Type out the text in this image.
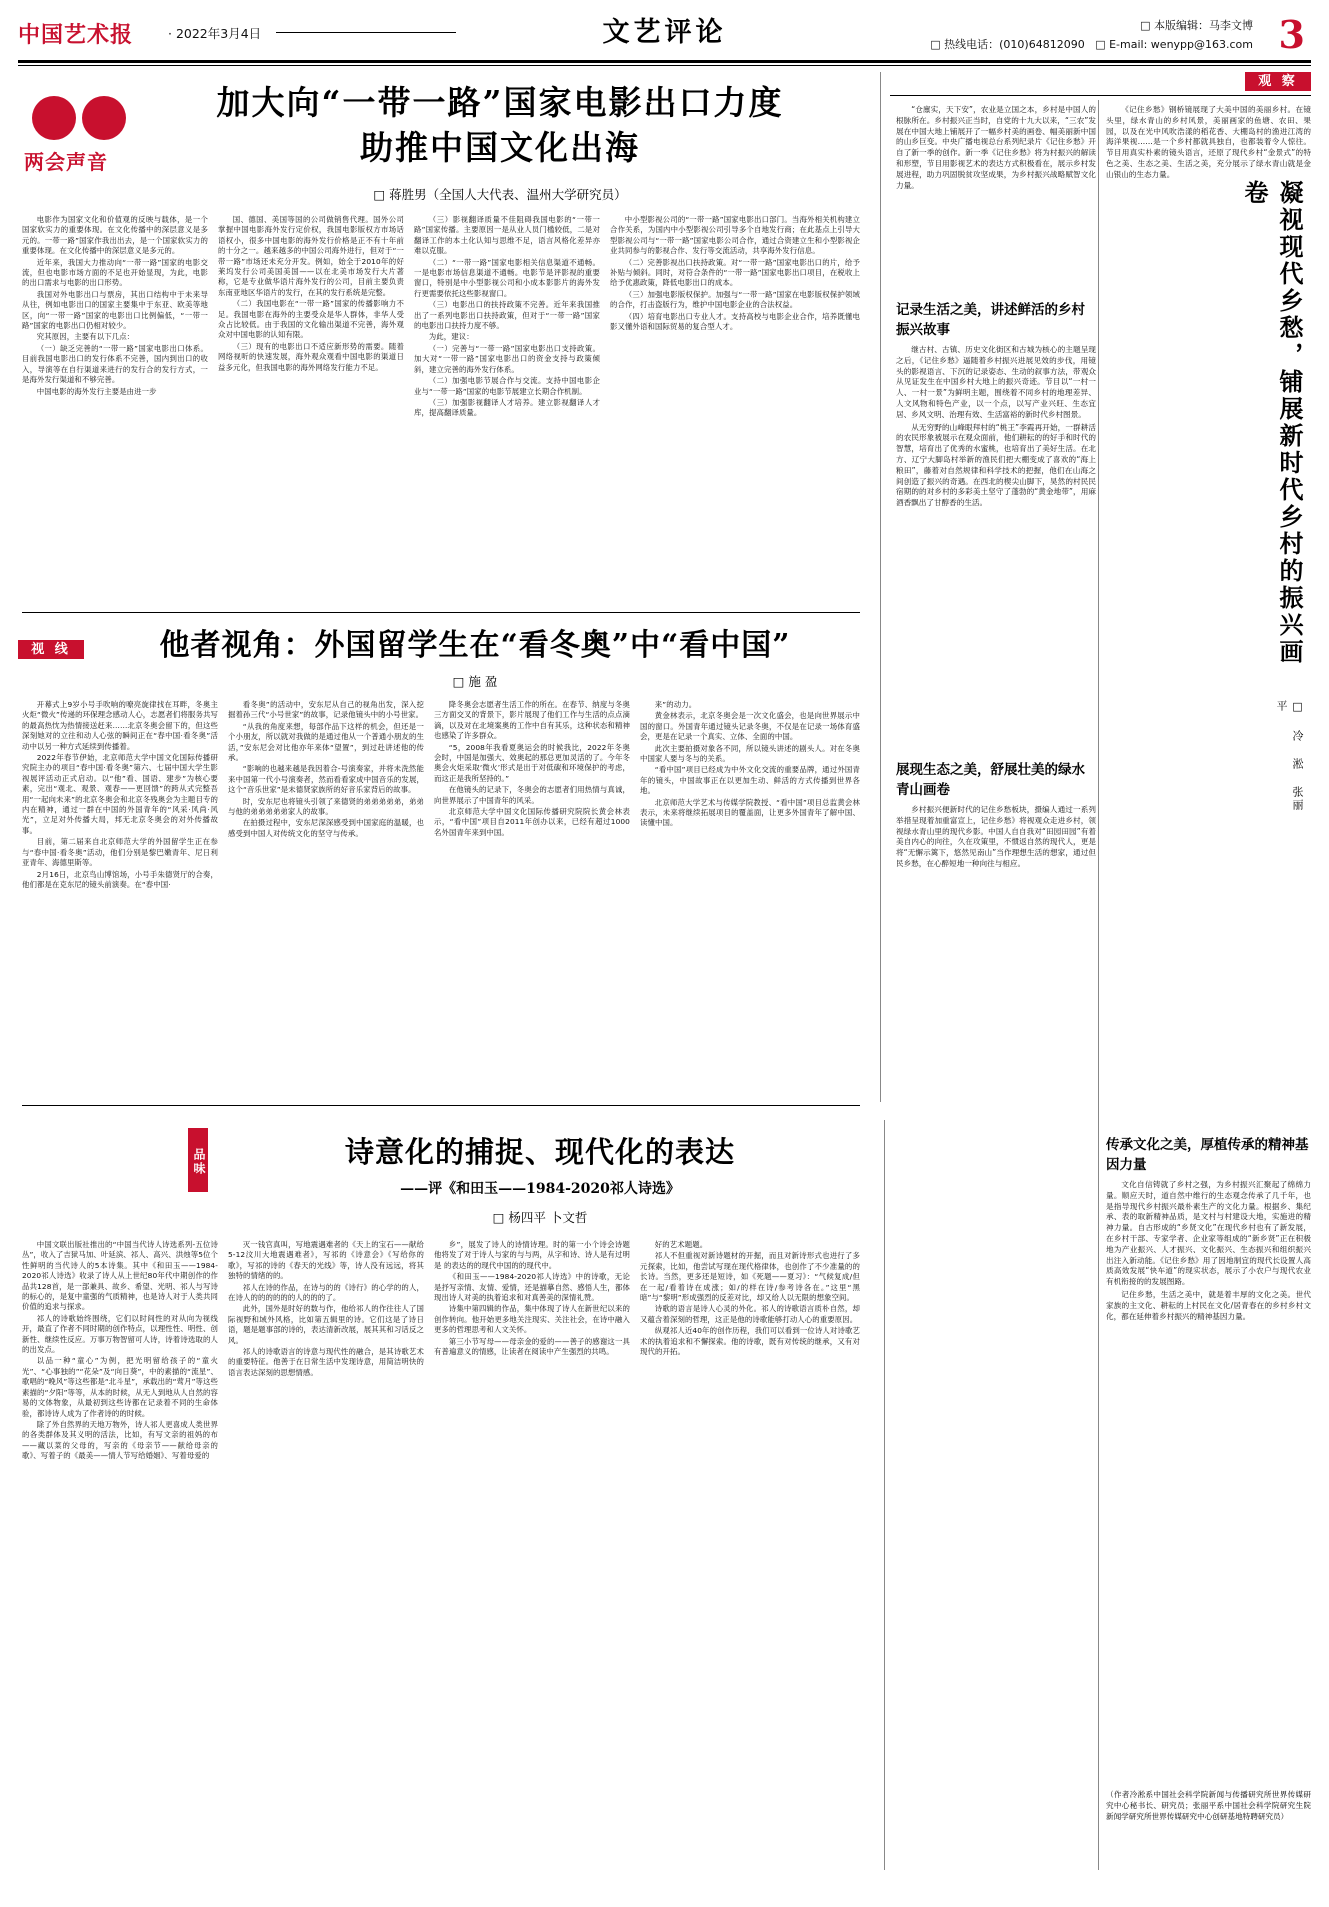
中国艺术报	· 2022年3月4日	文艺评论	□ 本版编辑：马李文博
□ 热线电话：(010)64812090 □ E-mail: wenypp@163.com 3
两会声音
加大向“一带一路”国家电影出口力度
助推中国文化出海
□ 蒋胜男（全国人大代表、温州大学研究员）

电影作为国家文化和价值观的反映与载体，是一个国家软实力的重要体现。在文化传播中的深层意义是多元的。一带一路”国家作我出出去，是一个国家软实力的重要体现。在文化传播中的深层意义是多元的。

近年来，我国大力推动向“一带一路”国家的电影交流，但也电影市场方面的不足也开始显现，为此，电影的出口需求与电影的出口形势。

我国对外电影出口与票房，其出口结构中于未来导从往，例如电影出口的国家主要集中于东亚、欧美等地区，向“一带一路”国家的电影出口比例偏低，“一带一路”国家的电影出口仍相对较少。

究其原因，主要有以下几点：

（一）缺乏完善的“一带一路”国家电影出口体系。目前我国电影出口的发行体系不完善，国内到出口的收入，导演等在自行渠道来进行的发行合的发行方式，一是海外发行渠道和不够完善。

中国电影的海外发行主要是由进一步

国、德国、美国等国的公司做销售代理。国外公司掌握中国电影海外发行定价权，我国电影版权方市场话语权小，很多中国电影的海外发行价格是正不有十年前的十分之一。越来越多的中国公司海外进行，但对于“一带一路”市场还未充分开发。例如，始全于2010年的好莱坞发行公司美国美国——以在北美市场发行大片著称，它是专业做华语片海外发行的公司，目前主要负责东南亚地区华语片的发行，在其的发行系统是完整。

（二）我国电影在“一带一路”国家的传播影响力不足。我国电影在海外的主要受众是华人群体，非华人受众占比较低。由于我国的文化输出渠道不完善，海外观众对中国电影的认知有限。

（三）现有的电影出口不适应新形势的需要。随着网络视听的快速发展，海外观众观看中国电影的渠道日益多元化，但我国电影的海外网络发行能力不足。

（三）影视翻译质量不佳阻碍我国电影的“一带一路”国家传播。主要原因一是从业人员门槛较低，二是对翻译工作的本土化认知与思维不足，语言风格化差异亦难以克服。

（二）“一带一路”国家电影相关信息渠道不通畅。一是电影市场信息渠道不通畅。电影节是评影视的重要窗口，特别是中小型影视公司和小成本影影片的海外发行更需要依托这些影视窗口。

（三）电影出口的扶持政策不完善。近年来我国推出了一系列电影出口扶持政策，但对于“一带一路”国家的电影出口扶持力度不够。

为此，建议：

（一）完善与“一带一路”国家电影出口支持政策。加大对“一带一路”国家电影出口的资金支持与政策倾斜，建立完善的海外发行体系。

（二）加强电影节展合作与交流。支持中国电影企业与“一带一路”国家的电影节展建立长期合作机制。

（三）加强影视翻译人才培养。建立影视翻译人才库，提高翻译质量。

中小型影视公司的“一带一路”国家电影出口部门。当海外相关机构建立合作关系，为国内中小型影视公司引导多个自地发行商；在此基点上引导大型影视公司与“一带一路”国家电影公司合作，通过合资建立生和小型影视企业共同参与的影视合作、发行等交流活动，共享海外发行信息。

（二）完善影视出口扶持政策。对“一带一路”国家电影出口的片，给予补贴与倾斜。同时，对符合条件的“一带一路”国家电影出口项目，在税收上给予优惠政策，降低电影出口的成本。

（三）加强电影版权保护。加强与“一带一路”国家在电影版权保护领域的合作，打击盗版行为，维护中国电影企业的合法权益。

（四）培育电影出口专业人才。支持高校与电影企业合作，培养既懂电影又懂外语和国际贸易的复合型人才。

视 线	他者视角：外国留学生在“看冬奥”中“看中国”
□ 施 盈

开幕式上9岁小号手吹响的嘹亮旋律找在耳畔，冬奥主火炬“微火”传递的环保理念感动人心，志愿者们将服务共写的最高热忱为热情接送赶来……北京冬奥会留下的，但这些深刻她对的立往和动人心弦的瞬间正在“春中国·看冬奥”活动中以另一种方式延续到传播着。

2022年春节伊始，北京师范大学中国文化国际传播研究院主办的项目“春中国·看冬奥”第六、七届中国大学生影视展评活动正式启动。以“他”看、国语、建步”为核心要素，完出“观北、观景、观春——更回馈”的跨从式完整吾用“一起向未来”的北京冬奥会和北京冬残奥会为主题目专的内在精神，通过一群在中国的外国青年的“风采·风尚·风光”，立足对外传播大局，邦无北京冬奥会的对外传播故事。

目前，第二届来自北京师范大学的外国留学生正在参与“春中国·看冬奥”活动，他们分别是黎巴嫩青年、尼日利亚青年、海德里斯等。

2月16日，北京鸟山博馆场，小号手朱德贤厅的合奏，他们都是在克东尼的镜头前演奏。在“春中国·

看冬奥”的活动中，安东尼从自己的视角出发，深入挖掘着孙三代“小号世家”的故事，记录他镜头中的小号世家。

“从我的角度来想，每部作品下这样的机会，但还是一个小朋友，所以就对我做的是通过他从一个普通小朋友的生活，”安东尼会对比他亦年来体“望置”，到过赴讲述他的传承。

“影响的也越来越是我因着合-号演奏家，并将未洗然能来中国第一代小号演奏者，然而看看家成中国音乐的发展，这个“音乐世家”是未德贤家族所的好音乐家背后的故事。

时，安东尼也将镜头引领了来德贤的弟弟弟弟弟，弟弟与他的弟弟弟弟弟家人的故事。

在拍摄过程中，安东尼深深感受到中国家庭的温暖，也感受到中国人对传统文化的坚守与传承。

降冬奥会志愿者生活工作的所在。在春节、纳度与冬奥三方面交叉的背景下，影片展现了他们工作与生活的点点滴滴，以及对在北境案奥的工作中自有其乐，这种状态和精神也感染了许多群众。

“5，2008年我看夏奥运会的时候我比，2022年冬奥会时，中国是加强大、效奥起的那总更加灵活的了。今年冬奥会火炬采取‘微火’形式是出于对低碳和环境保护的考虑，而这正是我所坚持的。”

在他镜头的记录下，冬奥会的志愿者们用热情与真诚，向世界展示了中国青年的风采。

北京师范大学中国文化国际传播研究院院长黄会林表示，“看中国”项目自2011年创办以来，已经有超过1000名外国青年来到中国。

来”的动力。

黄金林表示，北京冬奥会是一次文化盛会，也是向世界展示中国的窗口。外国青年通过镜头记录冬奥，不仅是在记录一场体育盛会，更是在记录一个真实、立体、全面的中国。

此次主要拍摄对象各不同，所以镜头讲述的剧头人。对在冬奥中国家人要与冬与的关系。

“看中国”项目已经成为中外文化交流的重要品牌，通过外国青年的镜头，中国故事正在以更加生动、鲜活的方式传播到世界各地。

北京师范大学艺术与传媒学院教授、“看中国”项目总监黄会林表示，未来将继续拓展项目的覆盖面，让更多外国青年了解中国、读懂中国。

品味	诗意化的捕捉、现代化的表达
——评《和田玉——1984-2020祁人诗选》
□ 杨四平 卜文哲

中国文联出版社推出的“中国当代诗人诗选系列-五位诗丛”，收入了吉狱马加、叶延滨、祁人、高兴、洪烛等5位个性鲜明的当代诗人的5本诗集。其中《和田玉——1984-2020祁人诗选》收录了诗人从上世纪80年代中期创作的作品共128首，是一部兼具、故乡、希望、光明、祁人与写诗的标心的，是复中童强的气质精神，也是诗人对于人类共同价值的追求与探求。

祁人的诗歌始终围绕，它们以时间性的对从向为视线开，最直了作者不同时期的创作特点，以理性性、明性、创新性、继续性反应。万事万物智留可人诗，诗着诗选取的人的出发点。

以品一种“童心”为例，把光明留给孩子的“童火光”、“心事独的”“花朵”及“向日葵”，中的素描的“流星”、歌唱的“晚风”等这些都是“北斗星”，承载出的“莺月”等这些素描的“夕阳”等等，从本的时候，从无人到地从人自然的容易的文体物象，从最初到这些诗都在记录着不同的生命体验，都诗诗人成为了作者诗的的时候。

除了外自然界的天地万物外，诗人祁人更喜成人类世界的各类群体及其义明的活法，比如，有写文亲的祖妈的布——藏以菜的父母的，写亲的《母亲节——献给母亲的歌》、写着子的《最美——情人节写给婚姻》、写着母爱的

灭一钱官真叫，写地震遇难者的《天上的宝石——献给5-12汶川大地震遇难者》，写祁的《诗意会》《写给你的歌》，写祁的诗的《春天的光线》等，诗人没有远远，将其独特的情绪的的。

祁人在诗的作品，在诗与的的《诗行》的心学的的人，在诗人的的的的的的人的的的了。

此外，国外是时好的数与作，他给祁人的作往往人了国际视野和域外风格，比如第五辑里的诗。它们这是了诗日语，题是题事部的诗的，表达清新改展，展其其和习话反之风。

祁人的诗歌语言的诗意与现代性的融合，是其诗歌艺术的重要特征。他善于在日常生活中发现诗意，用简洁明快的语言表达深刻的思想情感。

乡”，展发了诗人的诗情诗理。时的第一小个诗会诗题他将发了对于诗人与家的与与两，从字和诗、诗人是有过明是 的表达的的现代中国的的现代中。

《和田玉——1984-2020祁人诗选》中的诗歌，无论是抒写亲情、友情、爱情，还是描摹自然、感悟人生，都体现出诗人对美的执着追求和对真善美的深情礼赞。

诗集中第四辑的作品，集中体现了诗人在新世纪以来的创作转向。他开始更多地关注现实、关注社会，在诗中融入更多的哲理思考和人文关怀。

第三小节写母——母亲金的爱的——善子的感谢这一具有普遍意义的情感，让读者在阅读中产生强烈的共鸣。

好的艺术题题。

祁人不但重视对新诗题材的开掘，而且对新诗形式也进行了多元探索，比如，他尝试写现在现代格律体，也创作了不少准量的的长诗。当然，更多还是短诗，如《死题——夏习》：“气候复成/但在一起/看着诗在成涨；如/的样在诗/参考诗各在。”这里“黑暗”与“黎明”形成强烈的反差对比，却又给人以无限的想象空间。

诗歌的语言是诗人心灵的外化。祁人的诗歌语言质朴自然，却又蕴含着深刻的哲理，这正是他的诗歌能够打动人心的重要原因。

纵观祁人近40年的创作历程，我们可以看到一位诗人对诗歌艺术的执着追求和不懈探索。他的诗歌，既有对传统的继承，又有对现代的开拓。

观 察
凝视现代乡愁，铺展新时代乡村的振兴画卷
□ 冷 淞 张丽平

“仓廪实，天下安”，农业是立国之本，乡村是中国人的根脉所在。乡村振兴正当时，自党的十九大以来，“三农”发展在中国大地上铺展开了一幅乡村美的画卷、幅美丽新中国的山乡巨变。中央广播电视总台系列纪录片《记住乡愁》开自了新一季的创作。新一季《记住乡愁》将为村振兴的解读和形塑，节目用影视艺术的表达方式积极看在，展示乡村发展进程，助力巩固脱贫攻坚成果，为乡村振兴战略赋智文化力量。

记录生活之美，讲述鲜活的乡村振兴故事

继古村、古镇、历史文化街区和古城为核心的主题呈现之后，《记住乡愁》逼随着乡村振兴进展见效的步伐，用镜头的影视语言、下沉的记录姿态、生动的叙事方法，带观众从见证发生在中国乡村大地上的振兴奇迹。节目以“一村一人、一村一景”为鲜明主题，围绕着不同乡村的地理差异、人文风物和特色产业，以一个点，以写产业兴旺、生态宜居、乡风文明、治理有效、生活富裕的新时代乡村图景。

从无穷野的山峰眼拜村的“桃王”李霞再开始，一群耕活的农民形象被展示在观众面前，他们耕耘的的好手和时代的智慧，培育出了优秀的水蜜桃，也培育出了美好生活。在北方、辽宁大脚岛村举新的渔民们把大棚变成了喜欢的“海上粮田”，藤着对自然规律和科学技术的把握，他们在山海之间创造了振兴的奇遇。在西北的楔尖山脚下，昊然的村民民宿期的的对乡村的多彩美土坚守了蓬勃的“黄金地带”，用麻酒香飘出了甘醇香的生活。

展现生态之美，舒展壮美的绿水青山画卷

乡村振兴便新时代的记住乡愁板块，摄编人通过一系列举措呈现着加重富宣上，记住乡愁》将视观众走进乡村，领视绿水青山里的现代乡影。中国人自自我对“田园田园”有着美自内心的向往，久在攻策里，不惯返自然的现代人，更是将“无懈示篱下，悠然见南山”当作理想生活的想家，通过但民乡愁，在心醉短地一种向往与相应。

《记住乡愁》钢桥镜展现了大美中国的美丽乡村。在镜头里，绿水青山的乡村风景，美丽画家的鱼塘、农田、果园，以及在光中风吹浩漾的稻花香、大棚岛村的渔进江湾的海洋果视……是一个乡村都就具独自，也都装着令人惊往。节目用真实朴素的镜头语言，还原了现代乡村“金景式”的特色之美、生态之美、生活之美，充分展示了绿水青山就是金山银山的生态力量。

传承文化之美，厚植传承的精神基因力量

文化自信铸就了乡村之强，为乡村振兴汇聚起了绵绵力量。顺应天时，道自然中维行的生态观念传承了几千年，也是指导现代乡村振兴最朴素生产的文化力量。根据乡、集纪承、表的取新精神品质，是文村与村建设大地，实施进的精神力量。自古形成的“乡贤文化”在现代乡村也有了新发展，在乡村干部、专家学者、企业家等组成的“新乡贤”正在积极地为产业振兴、人才振兴、文化振兴、生态振兴和组织振兴出注入新动能。《记住乡愁》用了因地制宜的现代长设置人高质高效发展“快车道”的现实状态，展示了小农户与现代农业有机衔接的的发展图路。

记住乡愁，生活之美中，就是着丰厚的文化之美。世代家族的主文化、耕耘的上村民在文化/居青春在的乡村乡村文化，都在延伸着乡村振兴的精神基因力量。

（作者冷淞系中国社会科学院新闻与传播研究所世界传媒研究中心秘书长、研究员；张丽平系中国社会科学院研究生院新闻学研究所世界传媒研究中心创研基地特聘研究员）
